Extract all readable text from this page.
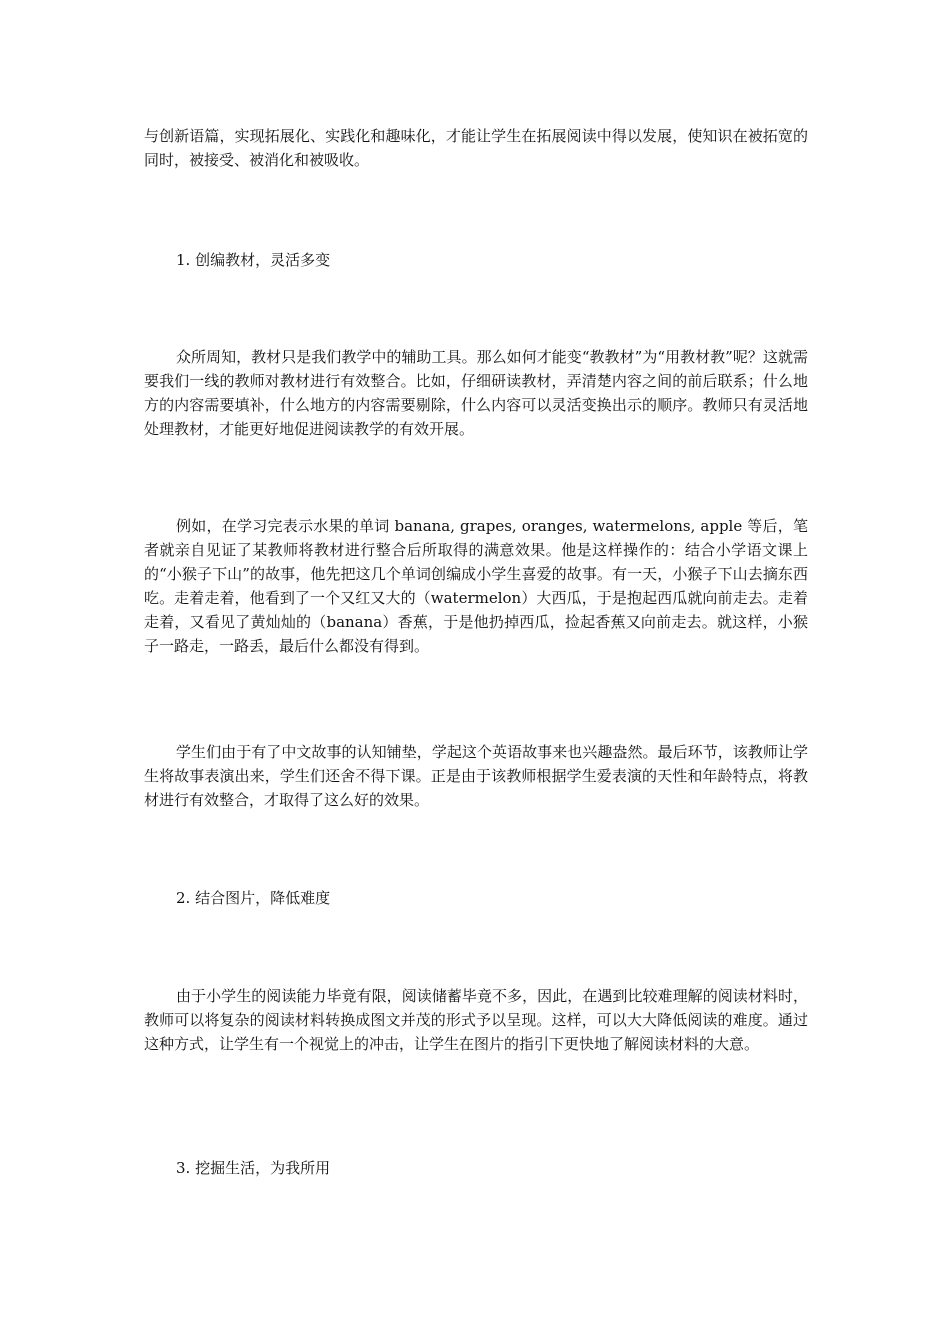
与创新语篇，实现拓展化、实践化和趣味化，才能让学生在拓展阅读中得以发展，使知识在被拓宽的同时，被接受、被消化和被吸收。

1. 创编教材，灵活多变

众所周知，教材只是我们教学中的辅助工具。那么如何才能变“教教材”为“用教材教”呢？这就需要我们一线的教师对教材进行有效整合。比如，仔细研读教材，弄清楚内容之间的前后联系；什么地方的内容需要填补，什么地方的内容需要剔除，什么内容可以灵活变换出示的顺序。教师只有灵活地处理教材，才能更好地促进阅读教学的有效开展。

例如，在学习完表示水果的单词 banana, grapes, oranges, watermelons, apple 等后，笔者就亲自见证了某教师将教材进行整合后所取得的满意效果。他是这样操作的：结合小学语文课上的“小猴子下山”的故事，他先把这几个单词创编成小学生喜爱的故事。有一天，小猴子下山去摘东西吃。走着走着，他看到了一个又红又大的（watermelon）大西瓜，于是抱起西瓜就向前走去。走着走着，又看见了黄灿灿的（banana）香蕉，于是他扔掉西瓜，捡起香蕉又向前走去。就这样，小猴子一路走，一路丢，最后什么都没有得到。

学生们由于有了中文故事的认知铺垫，学起这个英语故事来也兴趣盎然。最后环节，该教师让学生将故事表演出来，学生们还舍不得下课。正是由于该教师根据学生爱表演的天性和年龄特点，将教材进行有效整合，才取得了这么好的效果。

2. 结合图片，降低难度

由于小学生的阅读能力毕竟有限，阅读储蓄毕竟不多，因此，在遇到比较难理解的阅读材料时，教师可以将复杂的阅读材料转换成图文并茂的形式予以呈现。这样，可以大大降低阅读的难度。通过这种方式，让学生有一个视觉上的冲击，让学生在图片的指引下更快地了解阅读材料的大意。

3. 挖掘生活，为我所用
